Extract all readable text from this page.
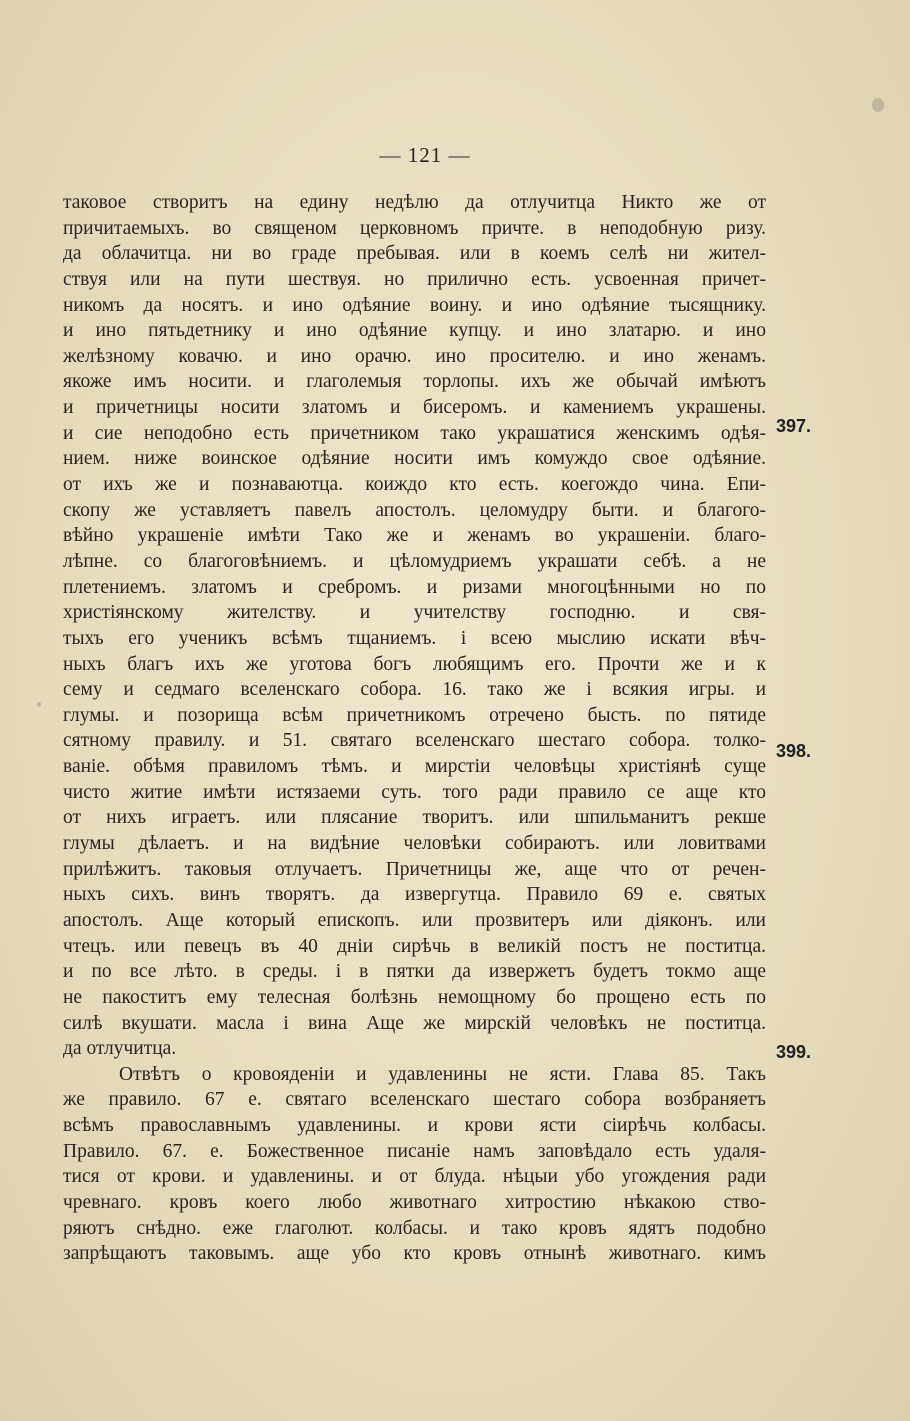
— 121 —
таковое створитъ на едину недѣлю да отлучитца Никто же от
причитаемыхъ. во священом церковномъ причте. в неподобную ризу.
да облачитца. ни во граде пребывая. или в коемъ селѣ ни жител-
ствуя или на пути шествуя. но прилично есть. усвоенная причет-
никомъ да носятъ. и ино одѣяние воину. и ино одѣяние тысящнику.
и ино пятьдетнику и ино одѣяние купцу. и ино златарю. и ино
желѣзному ковачю. и ино орачю. ино просителю. и ино женамъ.
якоже имъ носити. и глаголемыя торлопы. ихъ же обычай имѣютъ
и причетницы носити златомъ и бисеромъ. и камениемъ украшены.
и сие неподобно есть причетником тако украшатися женскимъ одѣя-
нием. ниже воинское одѣяние носити имъ комуждо свое одѣяние.
от ихъ же и познаваютца. коиждо кто есть. коегождо чина. Епи-
скопу же уставляетъ павелъ апостолъ. целомудру быти. и благого-
вѣйно украшеніе имѣти Тако же и женамъ во украшеніи. благо-
лѣпне. со благоговѣниемъ. и цѣломудриемъ украшати себѣ. а не
плетениемъ. златомъ и сребромъ. и ризами многоцѣнными но по
христіянскому жителству. и учителству господню. и свя-
тыхъ его ученикъ всѣмъ тщаниемъ. і всею мыслию искати вѣч-
ныхъ благъ ихъ же уготова богъ любящимъ его. Прочти же и к
сему и седмаго вселенскаго собора. 16. тако же і всякия игры. и
глумы. и позорища всѣм причетникомъ отречено бысть. по пятиде
сятному правилу. и 51. святаго вселенскаго шестаго собора. толко-
ваніе. обѣмя правиломъ тѣмъ. и мирстіи человѣцы христіянѣ суще
чисто житие имѣти истязаеми суть. того ради правило се аще кто
от нихъ играетъ. или плясание творитъ. или шпильманитъ рекше
глумы дѣлаетъ. и на видѣние человѣки собираютъ. или ловитвами
прилѣжитъ. таковыя отлучаетъ. Причетницы же, аще что от речен-
ныхъ сихъ. винъ творятъ. да извергутца. Правило 69 е. святых
апостолъ. Аще который епископъ. или прозвитеръ или діяконъ. или
чтецъ. или певецъ въ 40 дніи сирѣчь в великій постъ не поститца.
и по все лѣто. в среды. і в пятки да извержетъ будетъ токмо аще
не пакоститъ ему телесная болѣзнь немощному бо прощено есть по
силѣ вкушати. масла і вина Аще же мирскій человѣкъ не поститца.
да отлучитца.
Отвѣтъ о кровояденіи и удавленины не ясти. Глава 85. Такъ
же правило. 67 е. святаго вселенскаго шестаго собора возбраняетъ
всѣмъ православнымъ удавленины. и крови ясти сіирѣчь колбасы.
Правило. 67. е. Божественное писаніе намъ заповѣдало есть удаля-
тися от крови. и удавленины. и от блуда. нѣцыи убо угождения ради
чревнаго. кровъ коего любо животнаго хитростию нѣкакою ство-
ряютъ снѣдно. еже глаголют. колбасы. и тако кровъ ядятъ подобно
запрѣщаютъ таковымъ. аще убо кто кровъ отнынѣ животнаго. кимъ
397.
398.
399.
